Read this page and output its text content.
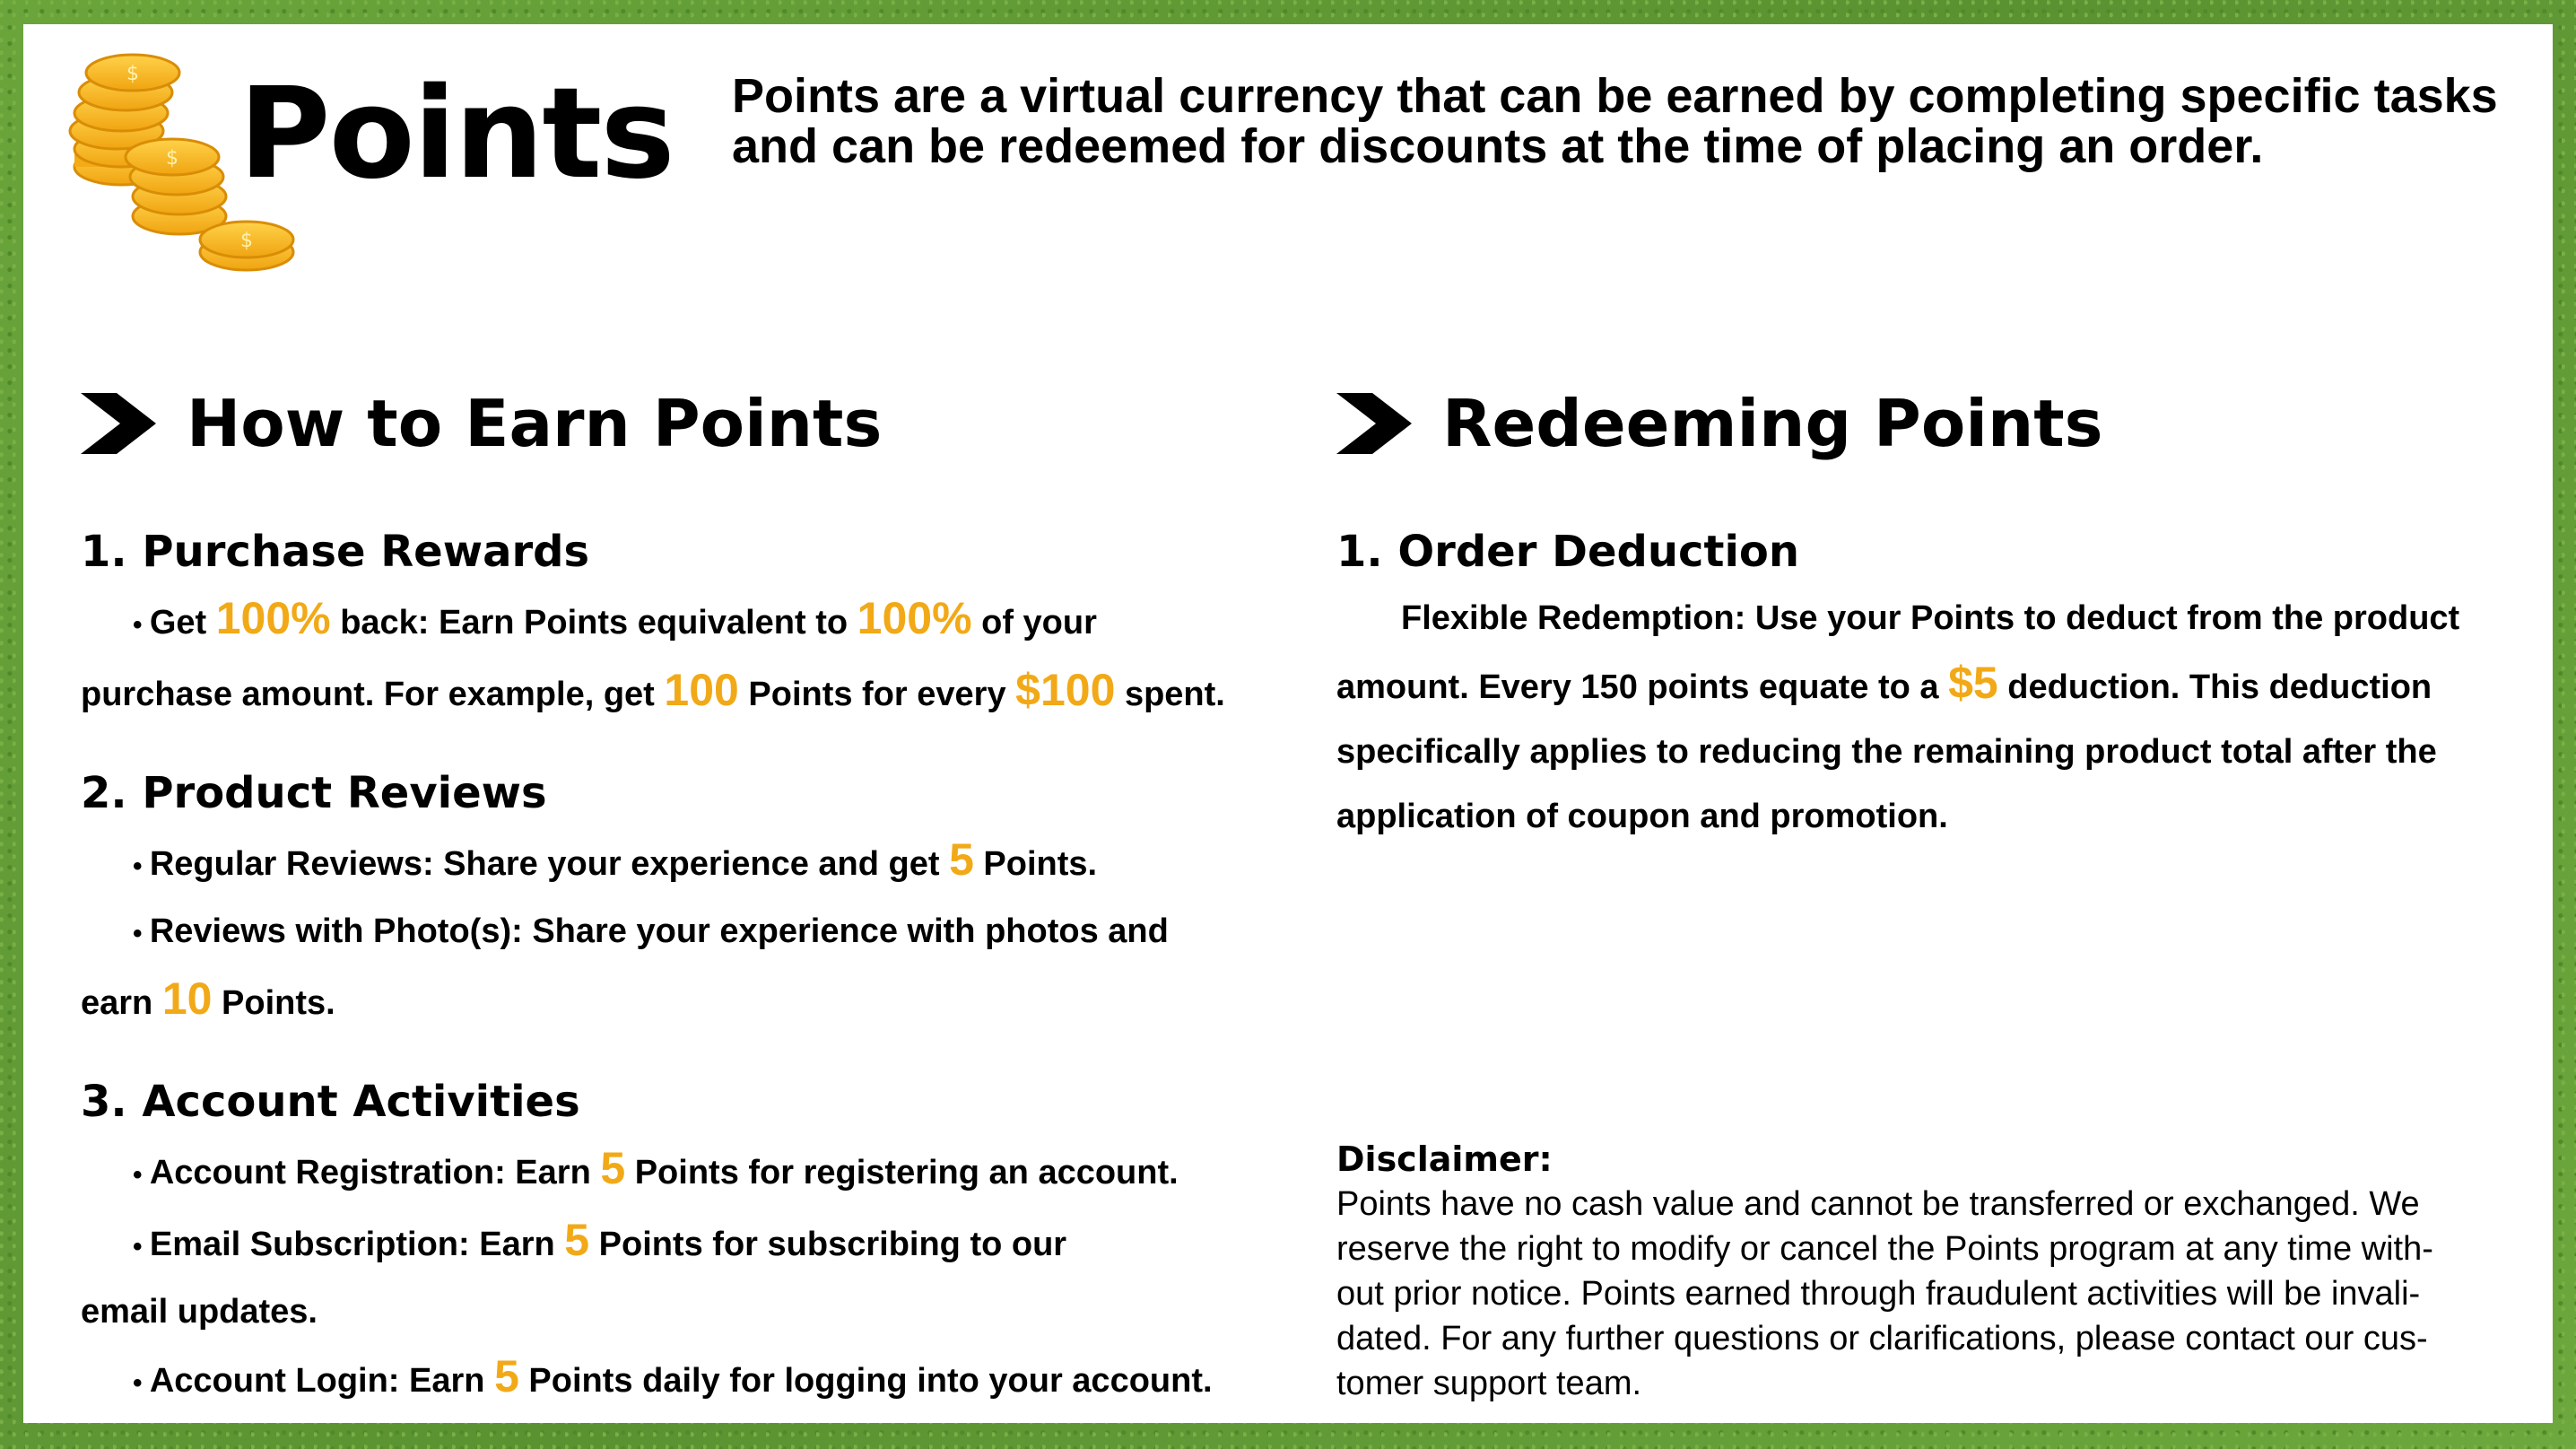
$
$
$
Points Points are a virtual currency that can be earned by completing specific tasks
and can be redeemed for discounts at the time of placing an order.
How to Earn Points	Redeeming Points
1. Purchase Rewards

• Get 100% back: Earn Points equivalent to 100% of your

purchase amount. For example, get 100 Points for every $100 spent.

2. Product Reviews

• Regular Reviews: Share your experience and get 5 Points.

• Reviews with Photo(s): Share your experience with photos and

earn 10 Points.

3. Account Activities

• Account Registration: Earn 5 Points for registering an account.

• Email Subscription: Earn 5 Points for subscribing to our

email updates.

• Account Login: Earn 5 Points daily for logging into your account.

1. Order Deduction

Flexible Redemption: Use your Points to deduct from the product

amount. Every 150 points equate to a $5 deduction. This deduction

specifically applies to reducing the remaining product total after the

application of coupon and promotion.

Disclaimer:
Points have no cash value and cannot be transferred or exchanged. We
reserve the right to modify or cancel the Points program at any time with-
out prior notice. Points earned through fraudulent activities will be invali-
dated. For any further questions or clarifications, please contact our cus-
tomer support team.
